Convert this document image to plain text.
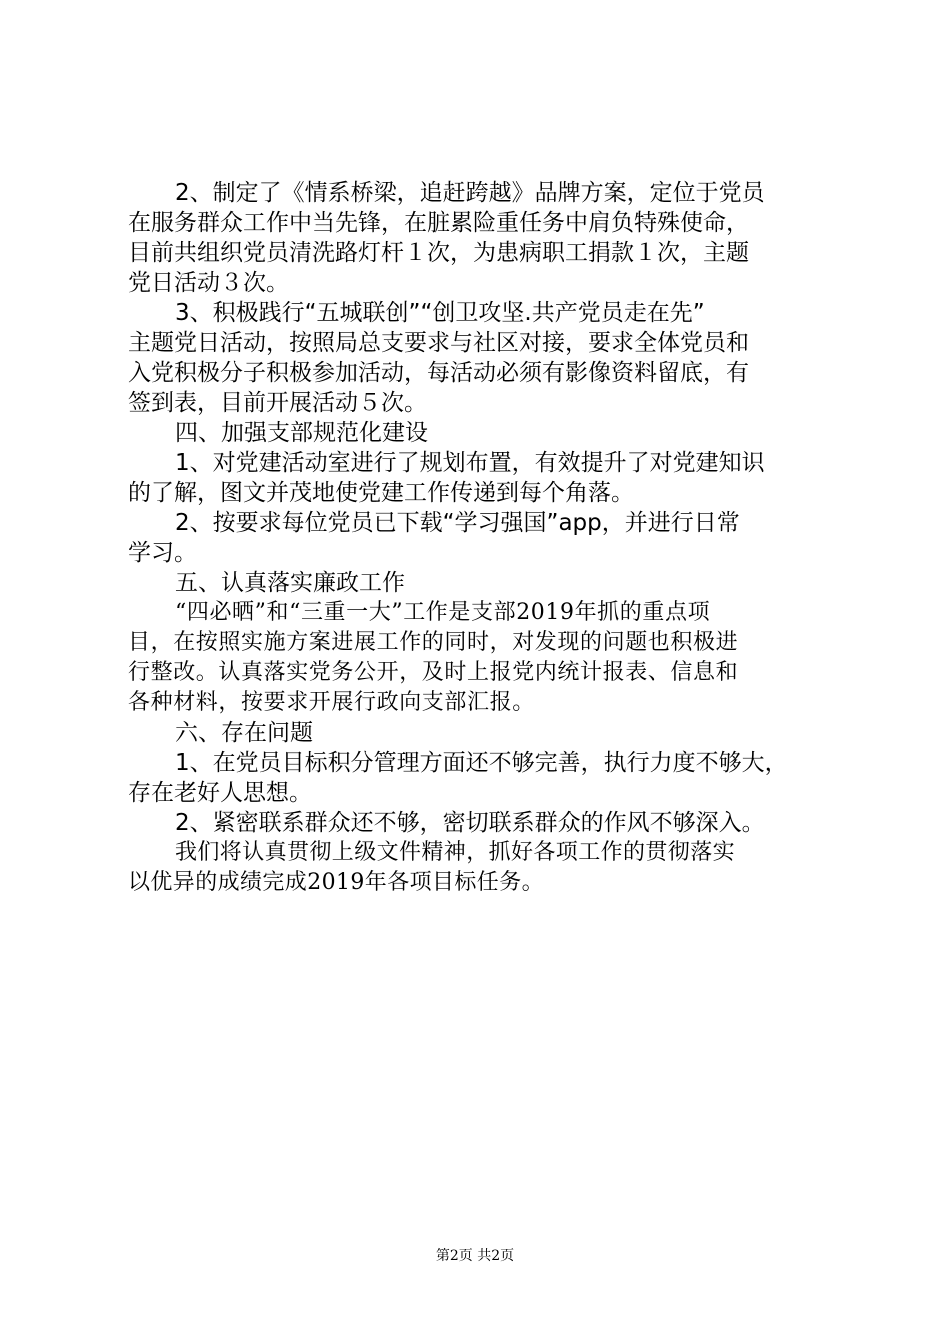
2、制定了《情系桥梁，追赶跨越》品牌方案，定位于党员
在服务群众工作中当先锋，在脏累险重任务中肩负特殊使命，
目前共组织党员清洗路灯杆１次，为患病职工捐款１次，主题
党日活动３次。
3、积极践行“五城联创”“创卫攻坚.共产党员走在先”
主题党日活动，按照局总支要求与社区对接，要求全体党员和
入党积极分子积极参加活动，每活动必须有影像资料留底，有
签到表，目前开展活动５次。
四、加强支部规范化建设
1、对党建活动室进行了规划布置，有效提升了对党建知识
的了解，图文并茂地使党建工作传递到每个角落。
2、按要求每位党员已下载“学习强国”app，并进行日常
学习。
五、认真落实廉政工作
“四必晒”和“三重一大”工作是支部2019年抓的重点项
目，在按照实施方案进展工作的同时，对发现的问题也积极进
行整改。认真落实党务公开，及时上报党内统计报表、信息和
各种材料，按要求开展行政向支部汇报。
六、存在问题
1、在党员目标积分管理方面还不够完善，执行力度不够大，
存在老好人思想。
2、紧密联系群众还不够，密切联系群众的作风不够深入。
我们将认真贯彻上级文件精神，抓好各项工作的贯彻落实
以优异的成绩完成2019年各项目标任务。
第2页 共2页
